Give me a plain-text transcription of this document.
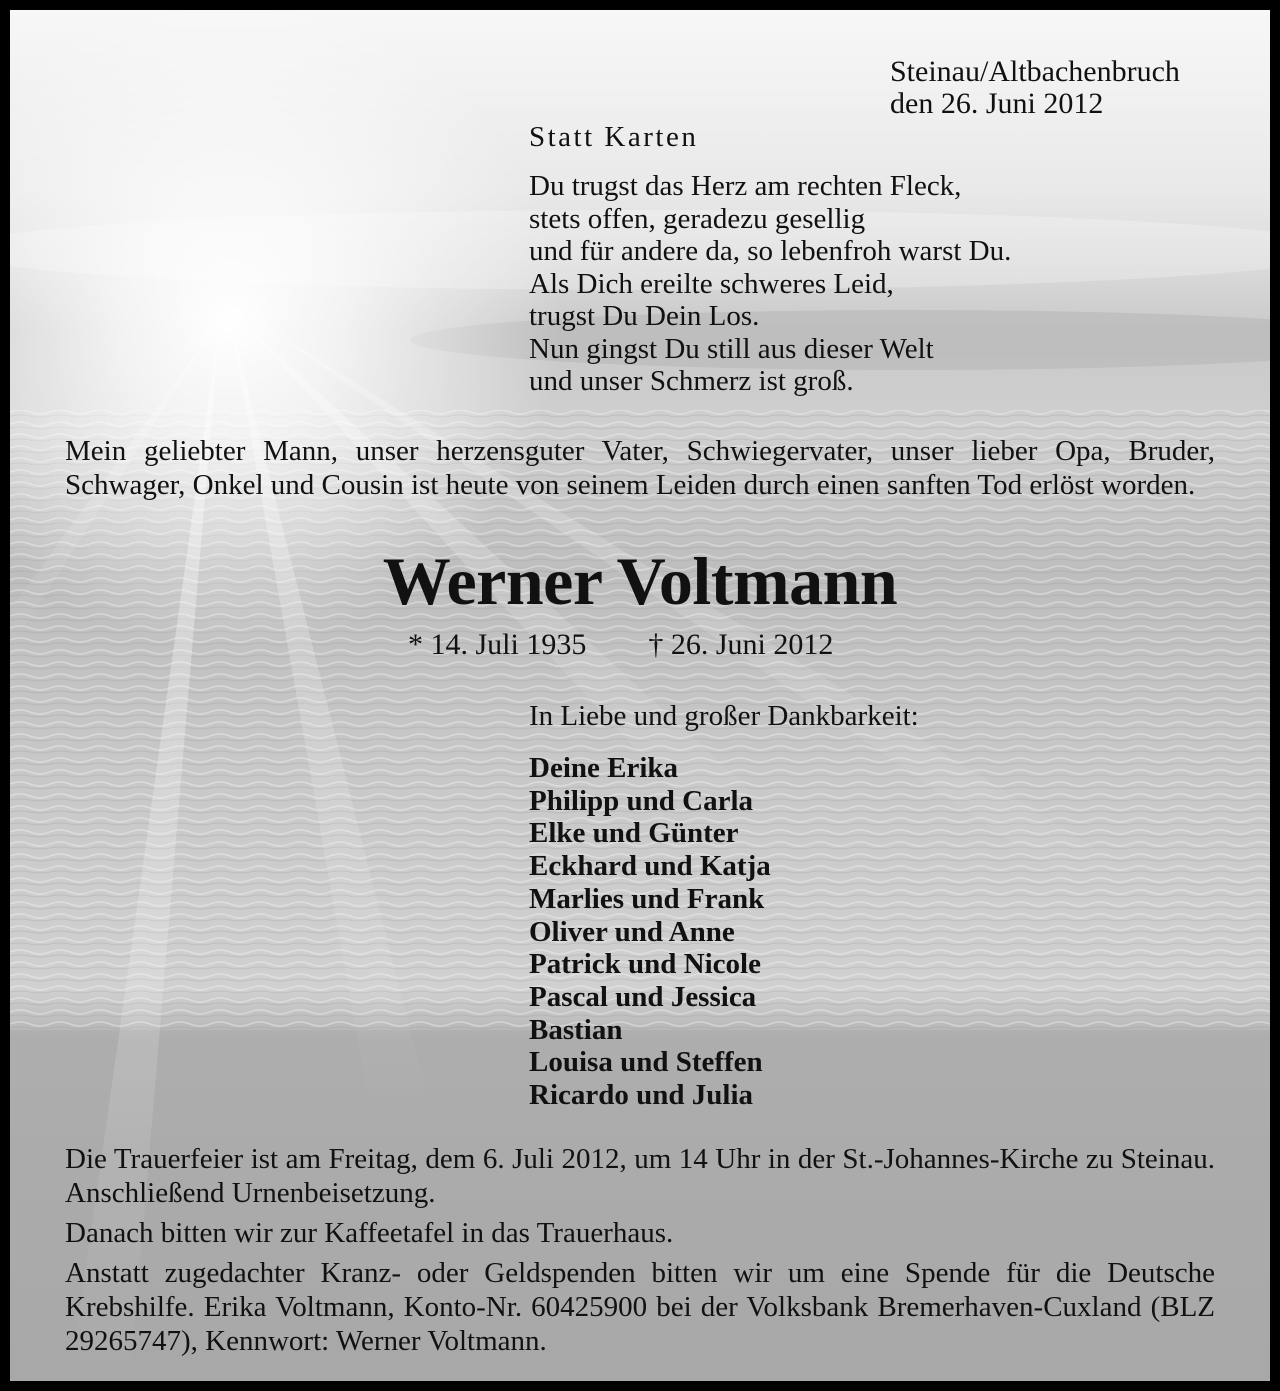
Steinau/Altbachenbruch
den 26. Juni 2012
Statt Karten
Du trugst das Herz am rechten Fleck,
stets offen, geradezu gesellig
und für andere da, so lebenfroh warst Du.
Als Dich ereilte schweres Leid,
trugst Du Dein Los.
Nun gingst Du still aus dieser Welt
und unser Schmerz ist groß.

Mein geliebter Mann, unser herzensguter Vater, Schwiegervater, unser lieber Opa, Bruder, Schwager, Onkel und Cousin ist heute von seinem Leiden durch einen sanften Tod erlöst worden.

Werner Voltmann
* 14. Juli 1935 † 26. Juni 2012
In Liebe und großer Dankbarkeit:
Deine Erika
Philipp und Carla
Elke und Günter
Eckhard und Katja
Marlies und Frank
Oliver und Anne
Patrick und Nicole
Pascal und Jessica
Bastian
Louisa und Steffen
Ricardo und Julia

Die Trauerfeier ist am Freitag, dem 6. Juli 2012, um 14 Uhr in der St.-Johannes-Kirche zu Steinau. Anschließend Urnenbeisetzung.

Danach bitten wir zur Kaffeetafel in das Trauerhaus.

Anstatt zugedachter Kranz- oder Geldspenden bitten wir um eine Spende für die Deutsche Krebshilfe. Erika Voltmann, Konto-Nr. 60425900 bei der Volksbank Bremerhaven-Cuxland (BLZ 29265747), Kennwort: Werner Voltmann.
